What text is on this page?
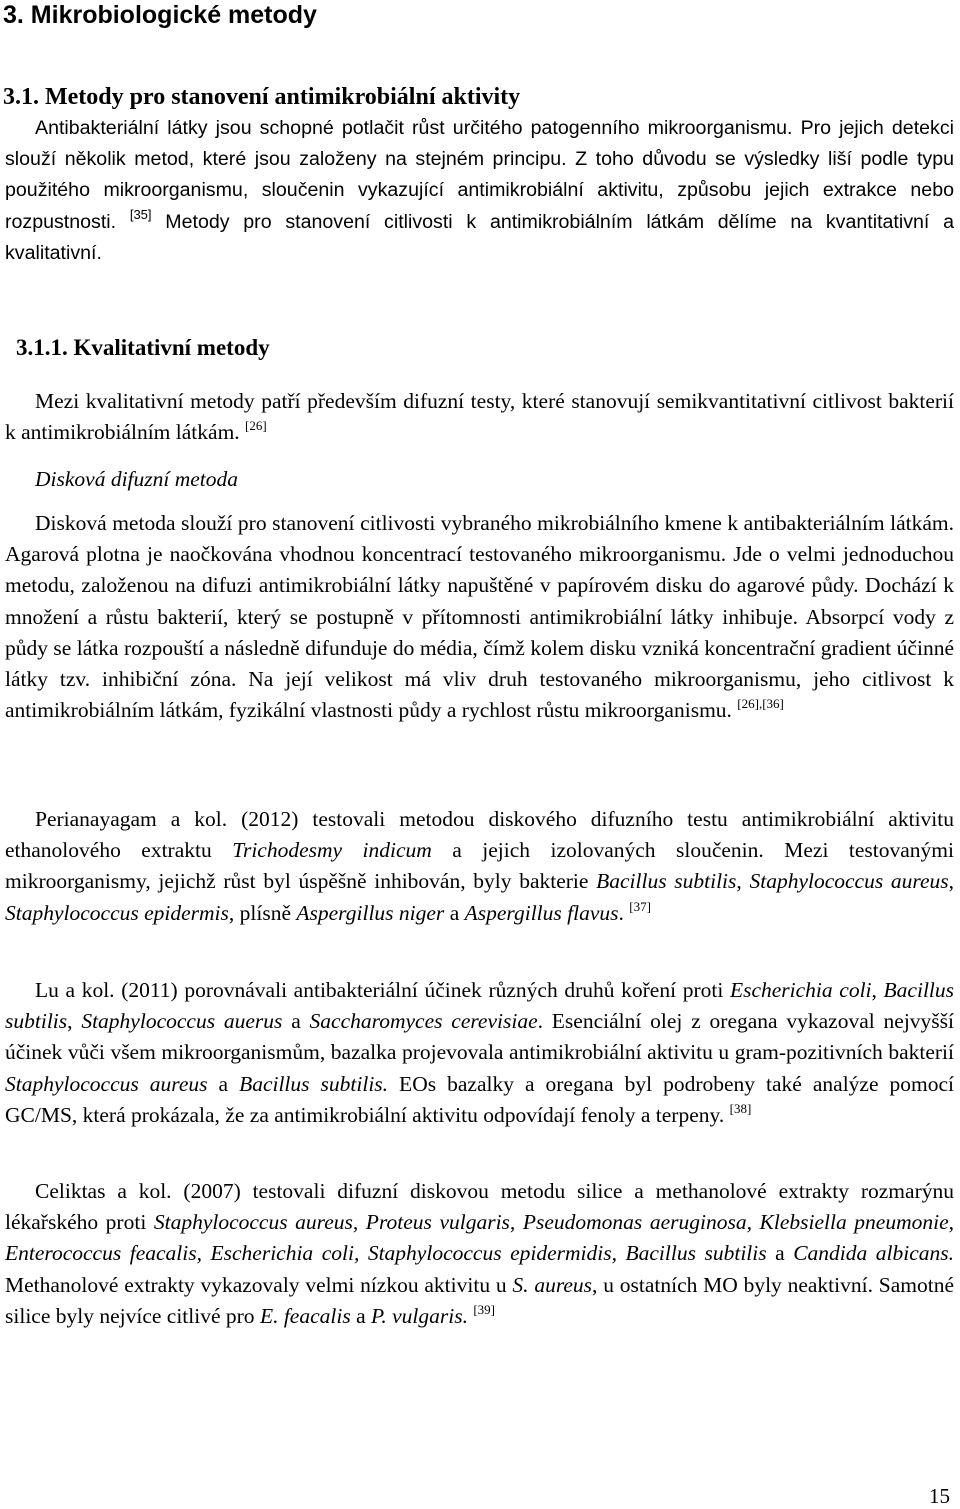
3. Mikrobiologické metody
3.1. Metody pro stanovení antimikrobiální aktivity

Antibakteriální látky jsou schopné potlačit růst určitého patogenního mikroorganismu. Pro jejich detekci slouží několik metod, které jsou založeny na stejném principu. Z toho důvodu se výsledky liší podle typu použitého mikroorganismu, sloučenin vykazující antimikrobiální aktivitu, způsobu jejich extrakce nebo rozpustnosti. [35] Metody pro stanovení citlivosti k antimikrobiálním látkám dělíme na kvantitativní a kvalitativní.

3.1.1. Kvalitativní metody

Mezi kvalitativní metody patří především difuzní testy, které stanovují semikvantitativní citlivost bakterií k antimikrobiálním látkám. [26]

Disková difuzní metoda

Disková metoda slouží pro stanovení citlivosti vybraného mikrobiálního kmene k antibakteriálním látkám. Agarová plotna je naočkována vhodnou koncentrací testovaného mikroorganismu. Jde o velmi jednoduchou metodu, založenou na difuzi antimikrobiální látky napuštěné v papírovém disku do agarové půdy. Dochází k množení a růstu bakterií, který se postupně v přítomnosti antimikrobiální látky inhibuje. Absorpcí vody z půdy se látka rozpouští a následně difunduje do média, čímž kolem disku vzniká koncentrační gradient účinné látky tzv. inhibiční zóna. Na její velikost má vliv druh testovaného mikroorganismu, jeho citlivost k antimikrobiálním látkám, fyzikální vlastnosti půdy a rychlost růstu mikroorganismu. [26],[36]

Perianayagam a kol. (2012) testovali metodou diskového difuzního testu antimikrobiální aktivitu ethanolového extraktu Trichodesmy indicum a jejich izolovaných sloučenin. Mezi testovanými mikroorganismy, jejichž růst byl úspěšně inhibován, byly bakterie Bacillus subtilis, Staphylococcus aureus, Staphylococcus epidermis, plísně Aspergillus niger a Aspergillus flavus. [37]

Lu a kol. (2011) porovnávali antibakteriální účinek různých druhů koření proti Escherichia coli, Bacillus subtilis, Staphylococcus auerus a Saccharomyces cerevisiae. Esenciální olej z oregana vykazoval nejvyšší účinek vůči všem mikroorganismům, bazalka projevovala antimikrobiální aktivitu u gram-pozitivních bakterií Staphylococcus aureus a Bacillus subtilis. EOs bazalky a oregana byl podrobeny také analýze pomocí GC/MS, která prokázala, že za antimikrobiální aktivitu odpovídají fenoly a terpeny. [38]

Celiktas a kol. (2007) testovali difuzní diskovou metodu silice a methanolové extrakty rozmarýnu lékařského proti Staphylococcus aureus, Proteus vulgaris, Pseudomonas aeruginosa, Klebsiella pneumonie, Enterococcus feacalis, Escherichia coli, Staphylococcus epidermidis, Bacillus subtilis a Candida albicans. Methanolové extrakty vykazovaly velmi nízkou aktivitu u S. aureus, u ostatních MO byly neaktivní. Samotné silice byly nejvíce citlivé pro E. feacalis a P. vulgaris. [39]

15
